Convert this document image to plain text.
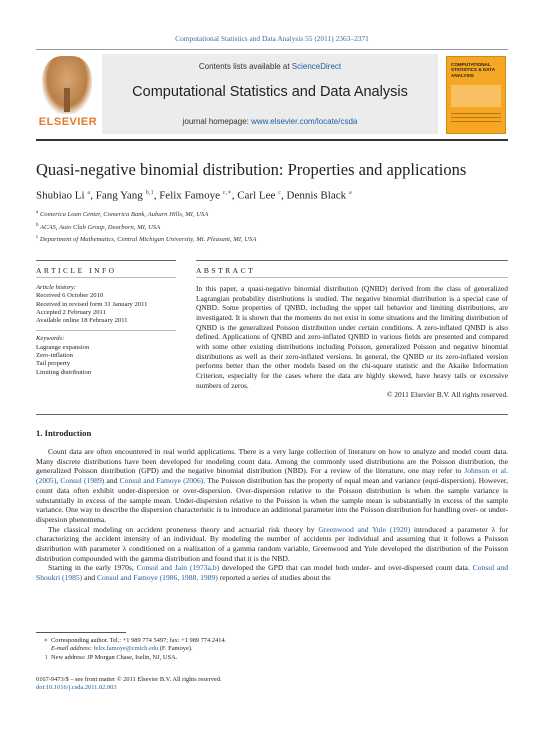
Computational Statistics and Data Analysis 55 (2011) 2363–2371
ELSEVIER
Contents lists available at ScienceDirect
Computational Statistics and Data Analysis
journal homepage: www.elsevier.com/locate/csda
COMPUTATIONAL STATISTICS & DATA ANALYSIS
Quasi-negative binomial distribution: Properties and applications
Shubiao Li $^a$, Fang Yang $^{b,1}$, Felix Famoye $^{c,∗}$, Carl Lee $^c$, Dennis Black $^a$
$^a$ Comerica Loan Center, Comerica Bank, Auburn Hills, MI, USA
$^b$ ACAS, Auto Club Group, Dearborn, MI, USA
$^c$ Department of Mathematics, Central Michigan University, Mt. Pleasant, MI, USA
ARTICLE INFO	ABSTRACT
Article history:
Received 6 October 2010
Received in revised form 31 January 2011
Accepted 2 February 2011
Available online 18 February 2011
Keywords:
Lagrange expansion
Zero-inflation
Tail property
Limiting distribution
In this paper, a quasi-negative binomial distribution (QNBD) derived from the class of generalized Lagrangian probability distributions is studied. The negative binomial distribution is a special case of QNBD. Some properties of QNBD, including the upper tail behavior and limiting distributions, are investigated. It is shown that the moments do not exist in some situations and the limiting distribution of QNBD is the generalized Poisson distribution under certain conditions. A zero-inflated QNBD is also defined. Applications of QNBD and zero-inflated QNBD in various fields are presented and compared with some other existing distributions including Poisson, generalized Poisson and negative binomial distributions as well as their zero-inflated versions. In general, the QNBD or its zero-inflated version performs better than the other models based on the chi-square statistic and the Akaike Information Criterion, especially for the cases where the data are highly skewed, have heavy tails or excessive numbers of zeros.
© 2011 Elsevier B.V. All rights reserved.
1. Introduction

Count data are often encountered in real world applications. There is a very large collection of literature on how to analyze and model count data. Many discrete distributions have been developed for modeling count data. Among the commonly used distributions are the Poisson distribution, the generalized Poisson distribution (GPD) and the negative binomial distribution (NBD). For a review of the literature, one may refer to Johnson et al. (2005), Consul (1989) and Consul and Famoye (2006). The Poisson distribution has the property of equal mean and variance (equi-dispersion). However, count data often exhibit under-dispersion or over-dispersion. Over-dispersion relative to the Poisson distribution is when the sample variance is substantially in excess of the sample mean. Under-dispersion relative to the Poisson is when the sample mean is substantially in excess of the sample variance. One way to describe the dispersion characteristic is to introduce an additional parameter into the Poisson distribution for handling over- or under-dispersion phenomena.

The classical modeling on accident proneness theory and actuarial risk theory by Greenwood and Yule (1920) introduced a parameter λ for characterizing the accident intensity of an individual. By modeling the number of accidents per individual and assuming that it follows a Poisson distribution with parameter λ conditioned on a realization of a gamma random variable, Greenwood and Yule developed the distribution of the Poisson distribution compounded with the gamma distribution and found that it is the NBD.

Starting in the early 1970s, Consul and Jain (1973a,b) developed the GPD that can model both under- and over-dispersed count data. Consul and Shoukri (1985) and Consul and Famoye (1986, 1988, 1989) reported a series of studies about the

∗ Corresponding author. Tel.: +1 989 774 5497; fax: +1 989 774 2414.
E-mail address: felix.famoye@cmich.edu (F. Famoye).
1 New address: JP Morgan Chase, Iselin, NJ, USA.
0167-9473/$ – see front matter © 2011 Elsevier B.V. All rights reserved.
doi:10.1016/j.csda.2011.02.003
